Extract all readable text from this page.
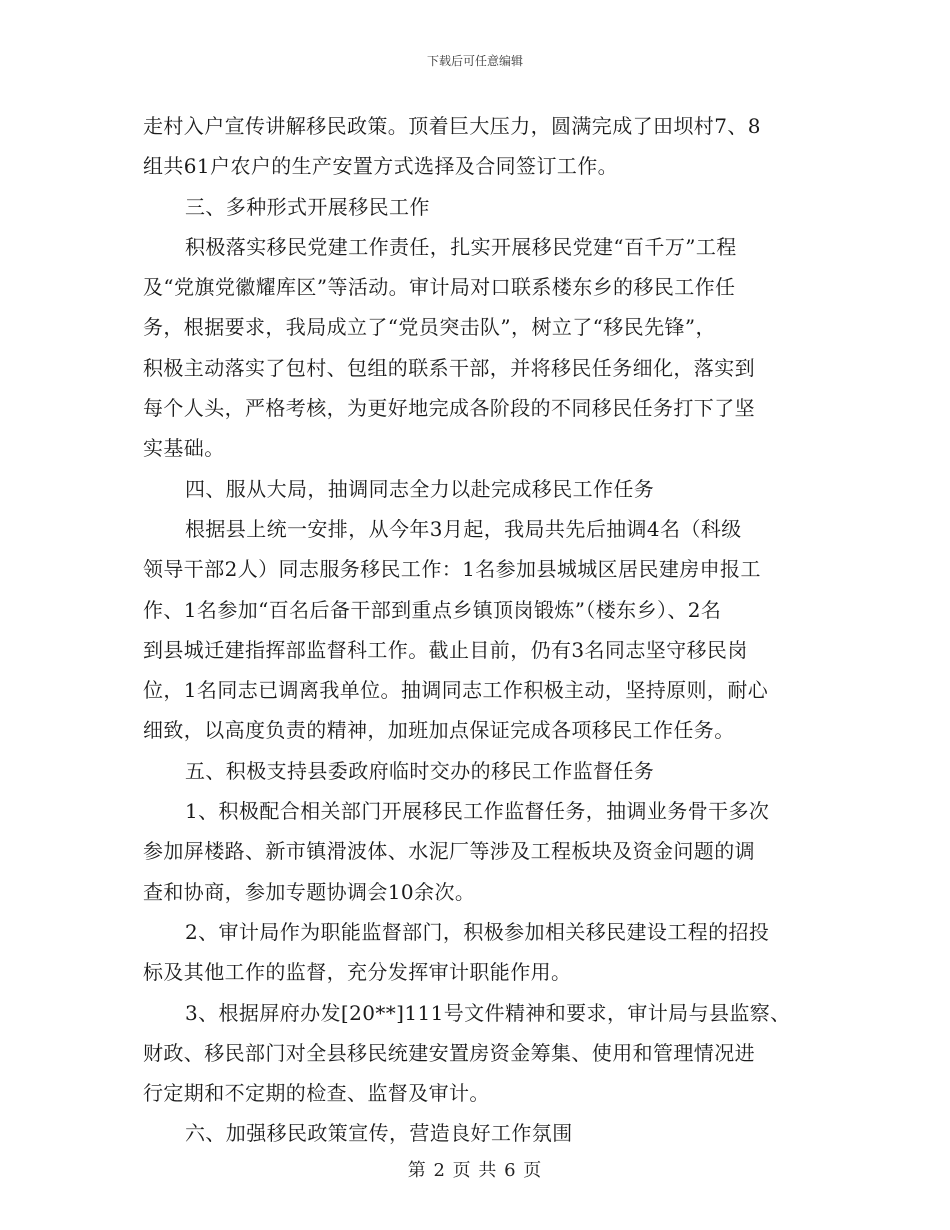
下载后可任意编辑
走村入户宣传讲解移民政策。顶着巨大压力，圆满完成了田坝村7、8
组共61户农户的生产安置方式选择及合同签订工作。
三、多种形式开展移民工作
积极落实移民党建工作责任，扎实开展移民党建“百千万”工程
及“党旗党徽耀库区”等活动。审计局对口联系楼东乡的移民工作任
务，根据要求，我局成立了“党员突击队”，树立了“移民先锋”，
积极主动落实了包村、包组的联系干部，并将移民任务细化，落实到
每个人头，严格考核，为更好地完成各阶段的不同移民任务打下了坚
实基础。
四、服从大局，抽调同志全力以赴完成移民工作任务
根据县上统一安排，从今年3月起，我局共先后抽调4名（科级
领导干部2人）同志服务移民工作：1名参加县城城区居民建房申报工
作、1名参加“百名后备干部到重点乡镇顶岗锻炼”（楼东乡）、2名
到县城迁建指挥部监督科工作。截止目前，仍有3名同志坚守移民岗
位，1名同志已调离我单位。抽调同志工作积极主动，坚持原则，耐心
细致，以高度负责的精神，加班加点保证完成各项移民工作任务。
五、积极支持县委政府临时交办的移民工作监督任务
1、积极配合相关部门开展移民工作监督任务，抽调业务骨干多次
参加屏楼路、新市镇滑波体、水泥厂等涉及工程板块及资金问题的调
查和协商，参加专题协调会10余次。
2、审计局作为职能监督部门，积极参加相关移民建设工程的招投
标及其他工作的监督，充分发挥审计职能作用。
3、根据屏府办发[20**]111号文件精神和要求，审计局与县监察、
财政、移民部门对全县移民统建安置房资金筹集、使用和管理情况进
行定期和不定期的检查、监督及审计。
六、加强移民政策宣传，营造良好工作氛围
第 2 页 共 6 页
